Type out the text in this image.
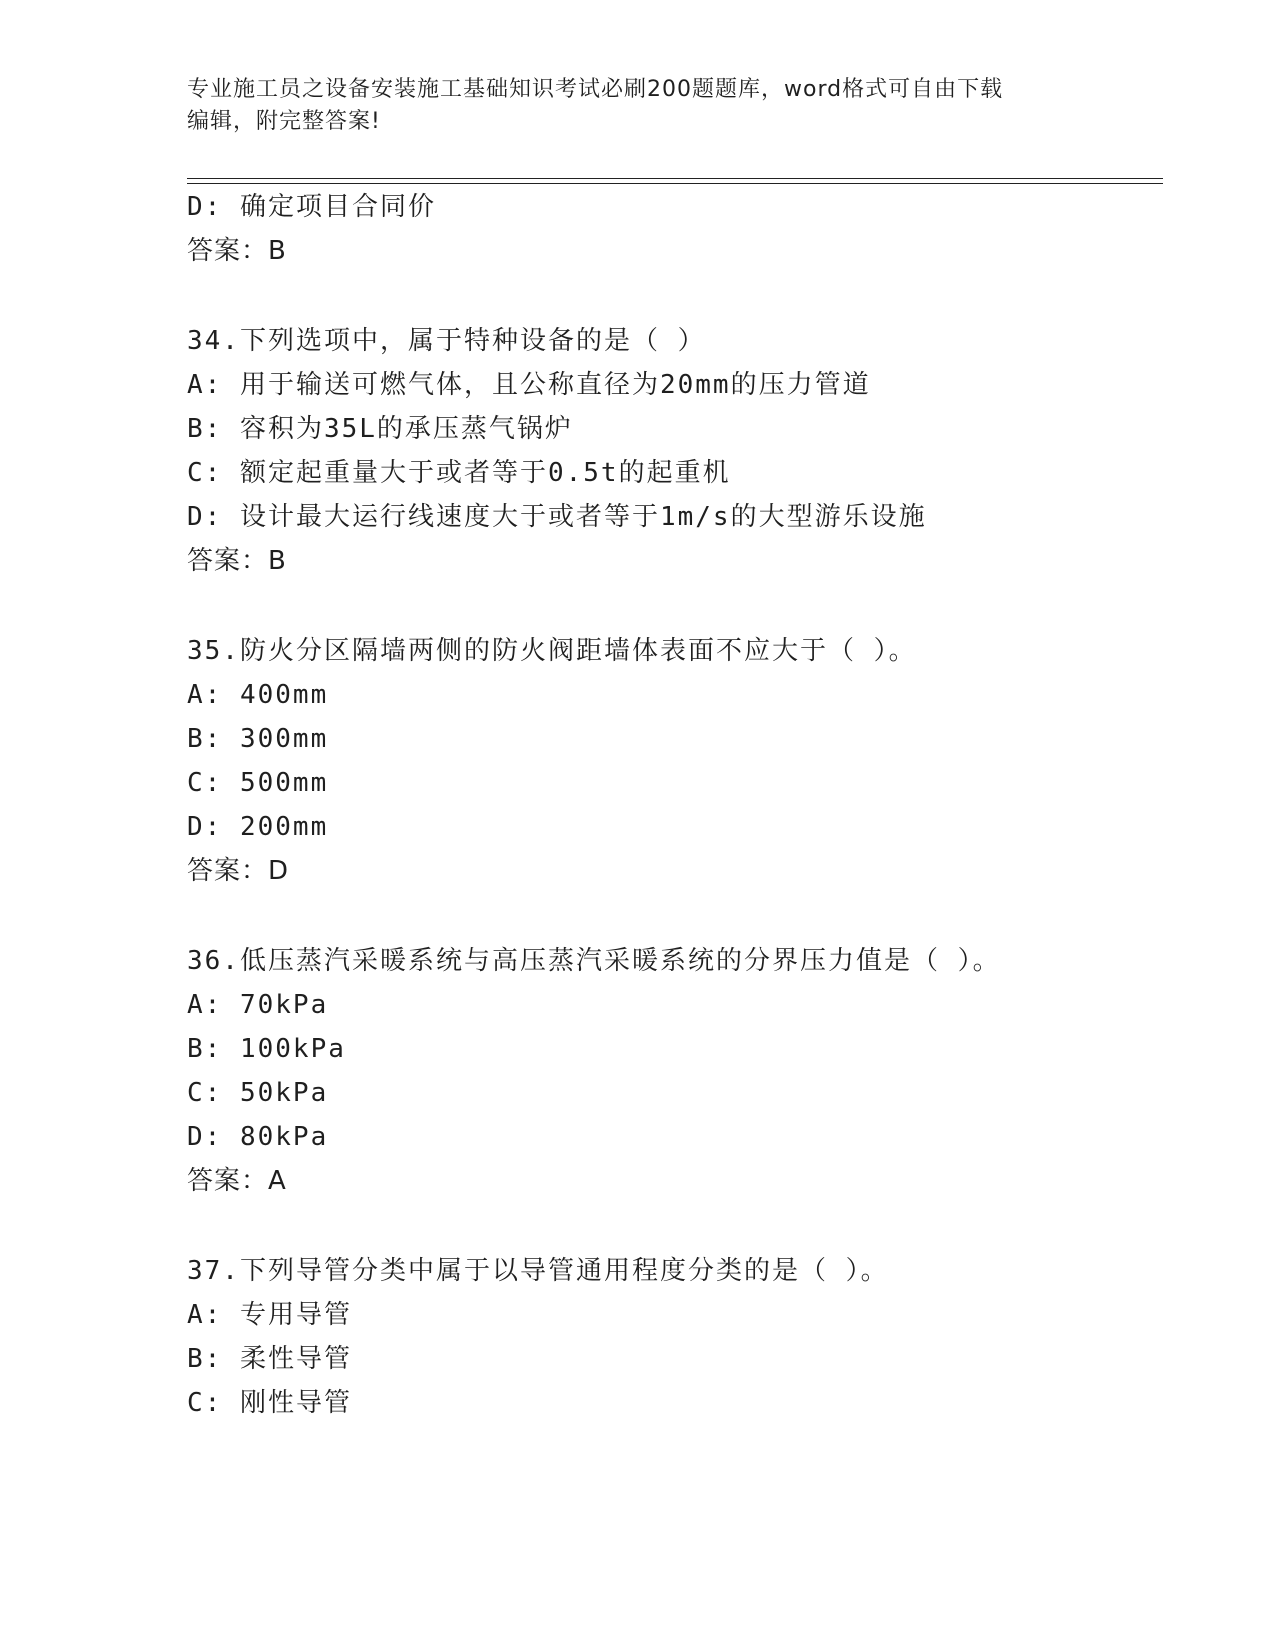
专业施工员之设备安装施工基础知识考试必刷200题题库，word格式可自由下载
编辑，附完整答案!
D: 确定项目合同价
答案：B
34.下列选项中，属于特种设备的是（ ）
A: 用于输送可燃气体，且公称直径为20mm的压力管道
B: 容积为35L的承压蒸气锅炉
C: 额定起重量大于或者等于0.5t的起重机
D: 设计最大运行线速度大于或者等于1m/s的大型游乐设施
答案：B
35.防火分区隔墙两侧的防火阀距墙体表面不应大于（ ）。
A: 400mm
B: 300mm
C: 500mm
D: 200mm
答案：D
36.低压蒸汽采暖系统与高压蒸汽采暖系统的分界压力值是（ ）。
A: 70kPa
B: 100kPa
C: 50kPa
D: 80kPa
答案：A
37.下列导管分类中属于以导管通用程度分类的是（ ）。
A: 专用导管
B: 柔性导管
C: 刚性导管
